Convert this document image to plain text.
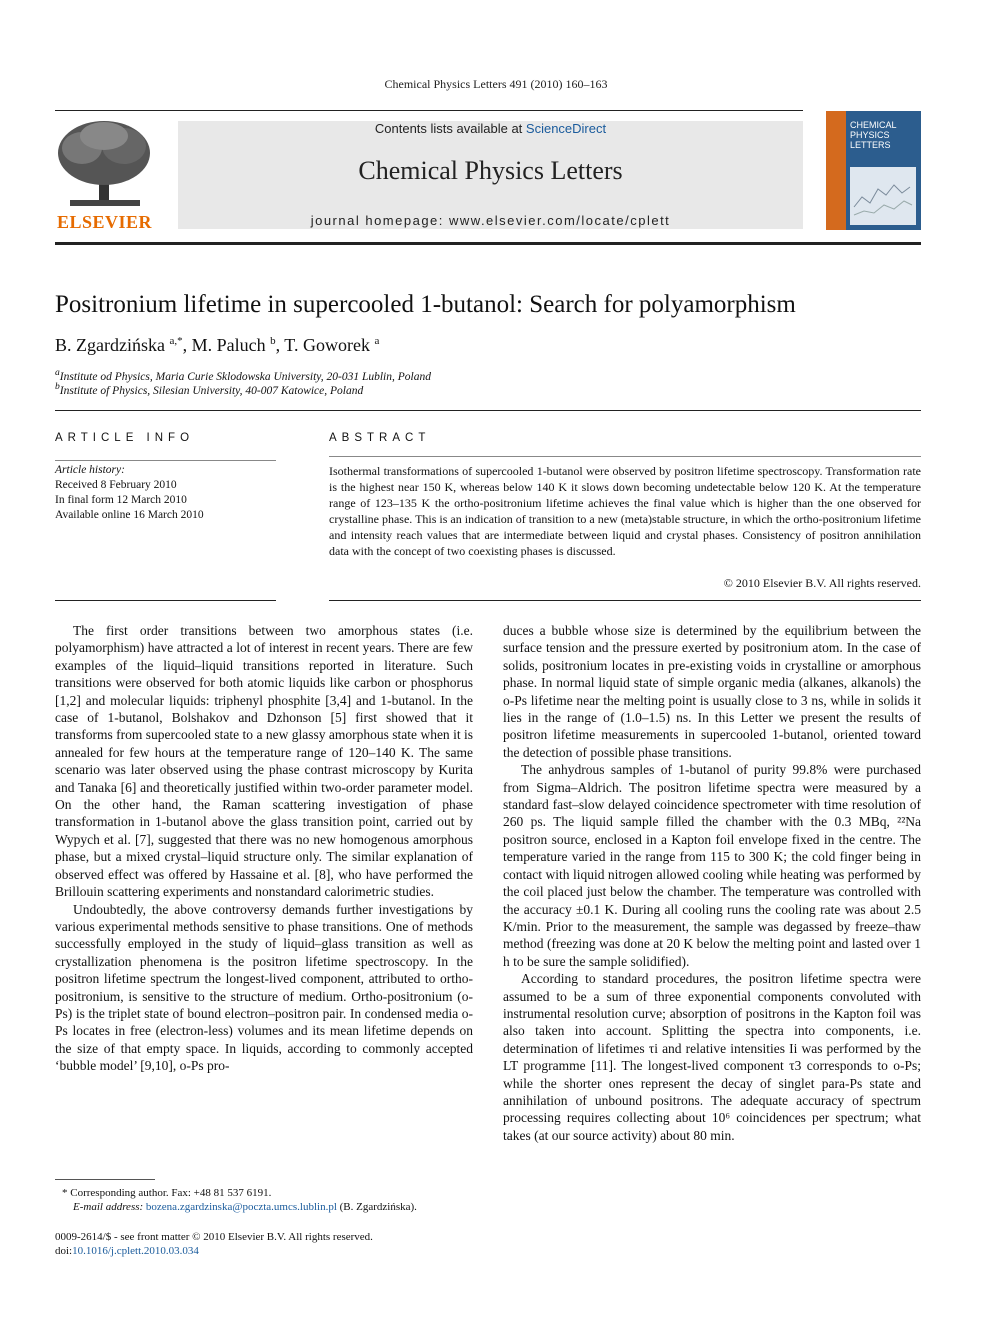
Chemical Physics Letters 491 (2010) 160–163
ELSEVIER
Contents lists available at ScienceDirect
Chemical Physics Letters
journal homepage: www.elsevier.com/locate/cplett
CHEMICAL PHYSICS LETTERS
Positronium lifetime in supercooled 1-butanol: Search for polyamorphism
B. Zgardzińska $^{a,*}$, M. Paluch $^b$, T. Goworek $^a$
$^a$Institute od Physics, Maria Curie Sklodowska University, 20-031 Lublin, Poland
$^b$Institute of Physics, Silesian University, 40-007 Katowice, Poland
ARTICLE INFO
Article history:
Received 8 February 2010
In final form 12 March 2010
Available online 16 March 2010
ABSTRACT
Isothermal transformations of supercooled 1-butanol were observed by positron lifetime spectroscopy. Transformation rate is the highest near 150 K, whereas below 140 K it slows down becoming undetectable below 120 K. At the temperature range of 123–135 K the ortho-positronium lifetime achieves the final value which is higher than the one observed for crystalline phase. This is an indication of transition to a new (meta)stable structure, in which the ortho-positronium lifetime and intensity reach values that are intermediate between liquid and crystal phases. Consistency of positron annihilation data with the concept of two coexisting phases is discussed.
© 2010 Elsevier B.V. All rights reserved.

The first order transitions between two amorphous states (i.e. polyamorphism) have attracted a lot of interest in recent years. There are few examples of the liquid–liquid transitions reported in literature. Such transitions were observed for both atomic liquids like carbon or phosphorus [1,2] and molecular liquids: triphenyl phosphite [3,4] and 1-butanol. In the case of 1-butanol, Bolshakov and Dzhonson [5] first showed that it transforms from supercooled state to a new glassy amorphous state when it is annealed for few hours at the temperature range of 120–140 K. The same scenario was later observed using the phase contrast microscopy by Kurita and Tanaka [6] and theoretically justified within two-order parameter model. On the other hand, the Raman scattering investigation of phase transformation in 1-butanol above the glass transition point, carried out by Wypych et al. [7], suggested that there was no new homogenous amorphous phase, but a mixed crystal–liquid structure only. The similar explanation of observed effect was offered by Hassaine et al. [8], who have performed the Brillouin scattering experiments and nonstandard calorimetric studies.

Undoubtedly, the above controversy demands further investigations by various experimental methods sensitive to phase transitions. One of methods successfully employed in the study of liquid–glass transition as well as crystallization phenomena is the positron lifetime spectroscopy. In the positron lifetime spectrum the longest-lived component, attributed to ortho-positronium, is sensitive to the structure of medium. Ortho-positronium (o-Ps) is the triplet state of bound electron–positron pair. In condensed media o-Ps locates in free (electron-less) volumes and its mean lifetime depends on the size of that empty space. In liquids, according to commonly accepted ‘bubble model’ [9,10], o-Ps pro-

duces a bubble whose size is determined by the equilibrium between the surface tension and the pressure exerted by positronium atom. In the case of solids, positronium locates in pre-existing voids in crystalline or amorphous phase. In normal liquid state of simple organic media (alkanes, alkanols) the o-Ps lifetime near the melting point is usually close to 3 ns, while in solids it lies in the range of (1.0–1.5) ns. In this Letter we present the results of positron lifetime measurements in supercooled 1-butanol, oriented toward the detection of possible phase transitions.

The anhydrous samples of 1-butanol of purity 99.8% were purchased from Sigma–Aldrich. The positron lifetime spectra were measured by a standard fast–slow delayed coincidence spectrometer with time resolution of 260 ps. The liquid sample filled the chamber with the 0.3 MBq, ²²Na positron source, enclosed in a Kapton foil envelope fixed in the centre. The temperature varied in the range from 115 to 300 K; the cold finger being in contact with liquid nitrogen allowed cooling while heating was performed by the coil placed just below the chamber. The temperature was controlled with the accuracy ±0.1 K. During all cooling runs the cooling rate was about 2.5 K/min. Prior to the measurement, the sample was degassed by freeze–thaw method (freezing was done at 20 K below the melting point and lasted over 1 h to be sure the sample solidified).

According to standard procedures, the positron lifetime spectra were assumed to be a sum of three exponential components convoluted with instrumental resolution curve; absorption of positrons in the Kapton foil was also taken into account. Splitting the spectra into components, i.e. determination of lifetimes τi and relative intensities Ii was performed by the LT programme [11]. The longest-lived component τ3 corresponds to o-Ps; while the shorter ones represent the decay of singlet para-Ps state and annihilation of unbound positrons. The adequate accuracy of spectrum processing requires collecting about 10⁶ coincidences per spectrum; what takes (at our source activity) about 80 min.

* Corresponding author. Fax: +48 81 537 6191.
E-mail address: bozena.zgardzinska@poczta.umcs.lublin.pl (B. Zgardzińska).
0009-2614/$ - see front matter © 2010 Elsevier B.V. All rights reserved.
doi:10.1016/j.cplett.2010.03.034
